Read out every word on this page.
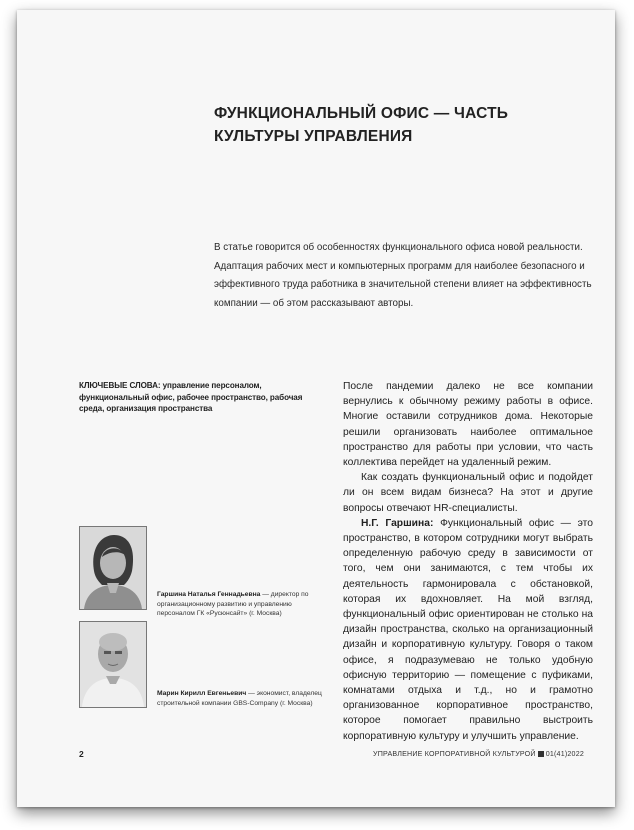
ФУНКЦИОНАЛЬНЫЙ ОФИС — ЧАСТЬ
КУЛЬТУРЫ УПРАВЛЕНИЯ
В статье говорится об особенностях функционального офиса новой реальности. Адаптация рабочих мест и компьютерных программ для наиболее безопасного и эффективного труда работника в значительной степени влияет на эффективность компании — об этом рассказывают авторы.
КЛЮЧЕВЫЕ СЛОВА: управление персоналом, функциональный офис, рабочее пространство, рабочая среда, организация пространства

После пандемии далеко не все компании вернулись к обычному режиму работы в офисе. Многие оставили сотрудников дома. Некоторые решили организовать наиболее оптимальное пространство для работы при условии, что часть коллектива перейдет на удаленный режим.

Как создать функциональный офис и подойдет ли он всем видам бизнеса? На этот и другие вопросы отвечают HR-специалисты.

Н.Г. Гаршина: Функциональный офис — это пространство, в котором сотрудники могут выбрать определенную рабочую среду в зависимости от того, чем они занимаются, с тем чтобы их деятельность гармонировала с обстановкой, которая их вдохновляет. На мой взгляд, функциональный офис ориентирован не столько на дизайн пространства, сколько на организационный дизайн и корпоративную культуру. Говоря о таком офисе, я подразумеваю не только удобную офисную территорию — помещение с пуфиками, комнатами отдыха и т.д., но и грамотно организованное корпоративное пространство, которое помогает правильно выстроить корпоративную культуру и улучшить управление.

Гаршина Наталья Геннадьевна — директор по организационному развитию и управлению персоналом ГК «Русюнсайт» (г. Москва)
Марин Кирилл Евгеньевич — экономист, владелец строительной компании GBS-Company (г. Москва)
2	УПРАВЛЕНИЕ КОРПОРАТИВНОЙ КУЛЬТУРОЙ 01(41)2022
